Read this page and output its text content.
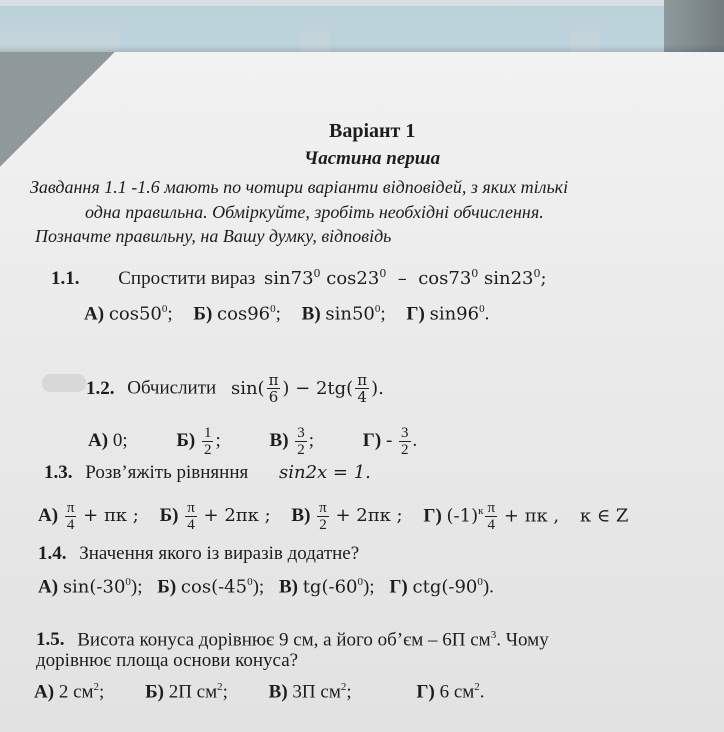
Варіант 1
Частина перша
Завдання 1.1 -1.6 мають по чотири варіанти відповідей, з яких тількі
одна правильна. Обміркуйте, зробіть необхідні обчислення.
Позначте правильну, на Вашу думку, відповідь
1.1. Спростити вираз $\sin 73^0$ $\cos 23^0 - \cos 73^0$ $\sin 23^0$;
А) $\cos 50^0$; Б) $\cos 96^0$; В) $\sin 50^0$; Г) $\sin 96^0$.
1.2. Обчислити $\sin( \frac{\pi}{6}$ ) − $2tg( \frac{\pi}{4}$ ).
А) 0;	$Б) \frac{1}{2}$ ;	$В) \frac{3}{2}$ ;	$Г) - \frac{3}{2}$ .
1.3. Розв’яжіть рівняння sin2x = 1.
$А) \frac{\pi}{4} + \pi к$ ; $Б) \frac{\pi}{4} + 2\pi к$ ; $В) \frac{\pi}{2} + 2\pi к$ ; Г) $(-1)^к \frac{\pi}{4} + \pi к$ , к ∈ Z
1.4. Значення якого із виразів додатне?
А) $\sin(-30^0)$; Б) $\cos(-45^0)$; В) $tg(-60^0)$; Г) $ctg(-90^0)$.
1.5. Висота конуса дорівнює 9 см, а його об’єм – 6П $см^3$. Чому
дорівнює площа основи конуса?
А) 2 $см^2$; Б) 2П $см^2$; В) 3П $см^2$;	Г) 6 $см^2$.
